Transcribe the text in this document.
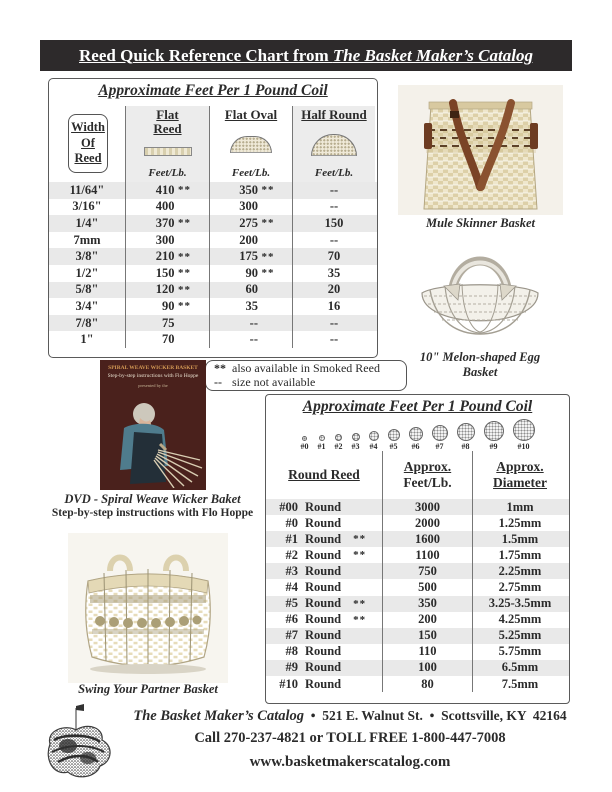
Reed Quick Reference Chart from The Basket Maker’s Catalog
Approximate Feet Per 1 Pound Coil
Width
Of
Reed
Flat
Reed
Feet/Lb.
Flat Oval
Feet/Lb.
Half Round
Feet/Lb.
11/64"	410 **	350 **	--
3/16"	400	300	--
1/4"	370 **	275 **	150
7mm	300	200	--
3/8"	210 **	175 **	70
1/2"	150 **	90 **	35
5/8"	120 **	60	20
3/4"	90 **	35	16
7/8"	75	--	--
1"	70	--	--
** also available in Smoked Reed
-- size not available
Approximate Feet Per 1 Pound Coil
#0 #1 #2 #3 #4 #5 #6 #7 #8	#9	#10
Round Reed
Approx.
Feet/Lb.
Approx.
Diameter
#00 Round	3000	1mm
#0 Round	2000	1.25mm
#1 Round **	1600	1.5mm
#2 Round **	1100	1.75mm
#3 Round	750	2.25mm
#4 Round	500	2.75mm
#5 Round **	350	3.25-3.5mm
#6 Round **	200	4.25mm
#7 Round	150	5.25mm
#8 Round	110	5.75mm
#9 Round	100	6.5mm
#10 Round	80	7.5mm
Mule Skinner Basket
10" Melon-shaped Egg
Basket
SPIRAL WEAVE WICKER BASKET
Step-by-step instructions with Flo Hoppe
presented by the
DVD - Spiral Weave Wicker Baket
Step-by-step instructions with Flo Hoppe
Swing Your Partner Basket
The Basket Maker’s Catalog  •  521 E. Walnut St.  •  Scottsville, KY  42164
Call 270-237-4821 or TOLL FREE 1-800-447-7008
www.basketmakerscatalog.com
